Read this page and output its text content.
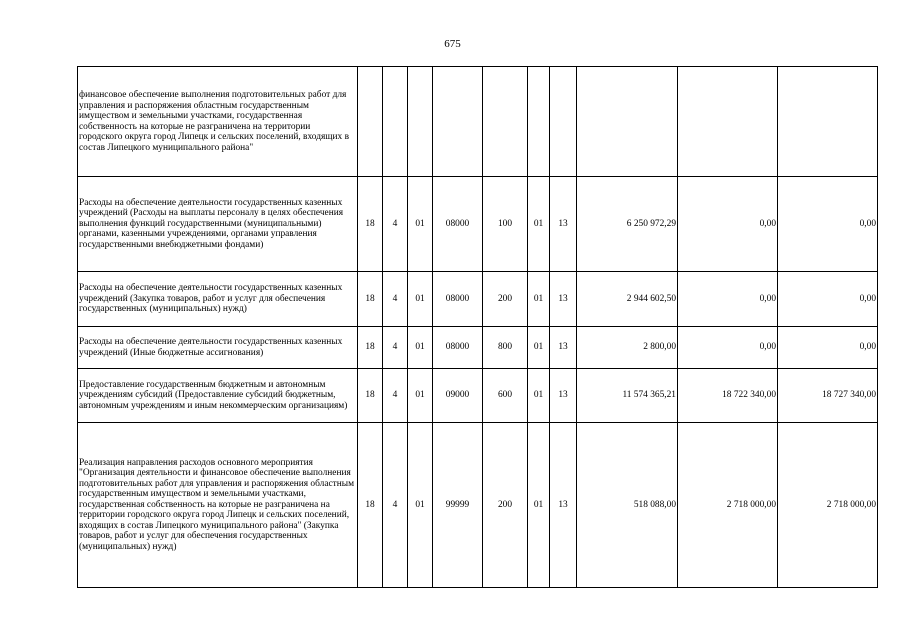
675
финансовое обеспечение выполнения подготовительных работ для управления и распоряжения областным государственным имуществом и земельными участками, государственная собственность на которые не разграничена на территории городского округа город Липецк и сельских поселений, входящих в состав Липецкого муниципального района"										
Расходы на обеспечение деятельности государственных казенных учреждений (Расходы на выплаты персоналу в целях обеспечения выполнения функций государственными (муниципальными) органами, казенными учреждениями, органами управления государственными внебюджетными фондами)	18	4	01	08000	100	01	13	6 250 972,29	0,00	0,00
Расходы на обеспечение деятельности государственных казенных учреждений (Закупка товаров, работ и услуг для обеспечения государственных (муниципальных) нужд)	18	4	01	08000	200	01	13	2 944 602,50	0,00	0,00
Расходы на обеспечение деятельности государственных казенных учреждений (Иные бюджетные ассигнования)	18	4	01	08000	800	01	13	2 800,00	0,00	0,00
Предоставление государственным бюджетным и автономным учреждениям субсидий (Предоставление субсидий бюджетным, автономным учреждениям и иным некоммерческим организациям)	18	4	01	09000	600	01	13	11 574 365,21	18 722 340,00	18 727 340,00
Реализация направления расходов основного мероприятия "Организация деятельности и финансовое обеспечение выполнения подготовительных работ для управления и распоряжения областным государственным имуществом и земельными участками, государственная собственность на которые не разграничена на территории городского округа город Липецк и сельских поселений, входящих в состав Липецкого муниципального района" (Закупка товаров, работ и услуг для обеспечения государственных (муниципальных) нужд)	18	4	01	99999	200	01	13	518 088,00	2 718 000,00	2 718 000,00
